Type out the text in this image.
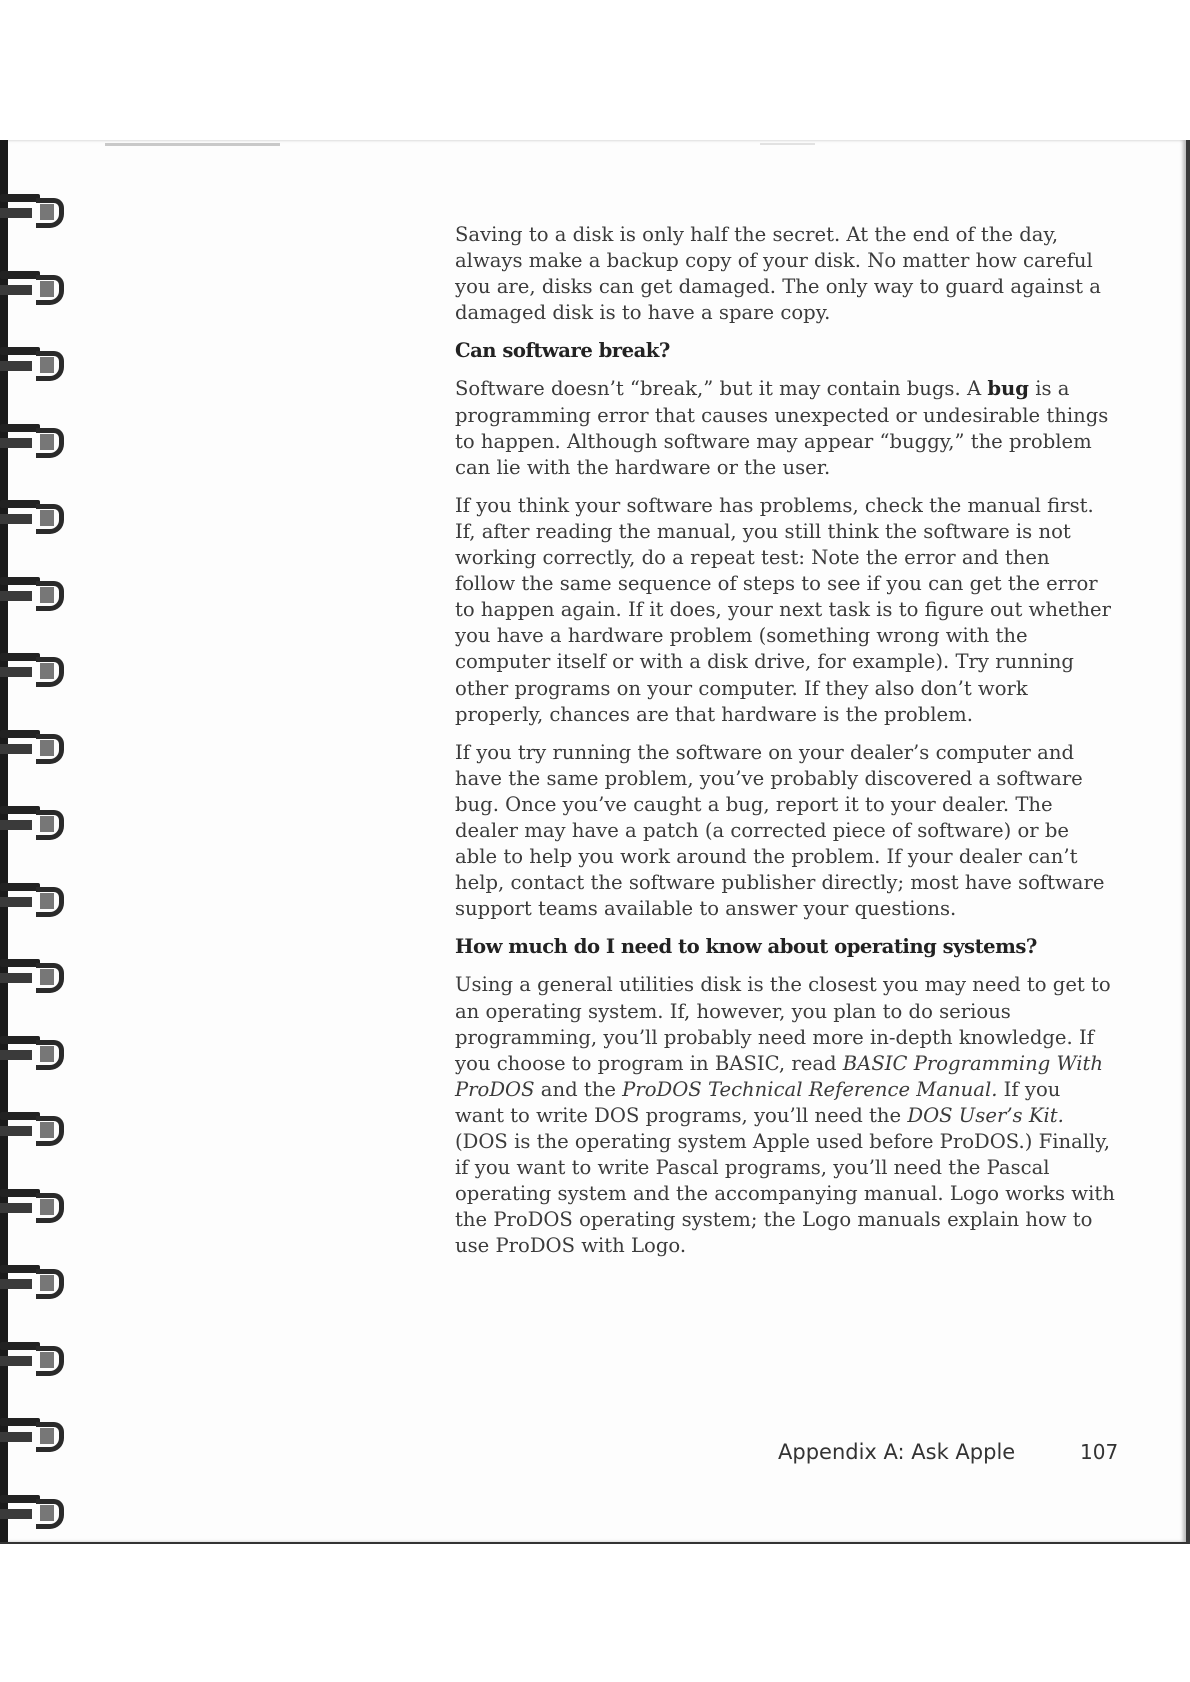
Saving to a disk is only half the secret. At the end of the day, always make a backup copy of your disk. No matter how careful you are, disks can get damaged. The only way to guard against a damaged disk is to have a spare copy.

Can software break?

Software doesn’t “break,” but it may contain bugs. A bug is a programming error that causes unexpected or undesirable things to happen. Although software may appear “buggy,” the problem can lie with the hardware or the user.

If you think your software has problems, check the manual first. If, after reading the manual, you still think the software is not working correctly, do a repeat test: Note the error and then follow the same sequence of steps to see if you can get the error to happen again. If it does, your next task is to figure out whether you have a hardware problem (something wrong with the computer itself or with a disk drive, for example). Try running other programs on your computer. If they also don’t work properly, chances are that hardware is the problem.

If you try running the software on your dealer’s computer and have the same problem, you’ve probably discovered a software bug. Once you’ve caught a bug, report it to your dealer. The dealer may have a patch (a corrected piece of software) or be able to help you work around the problem. If your dealer can’t help, contact the software publisher directly; most have software support teams available to answer your questions.

How much do I need to know about operating systems?

Using a general utilities disk is the closest you may need to get to an operating system. If, however, you plan to do serious programming, you’ll probably need more in-depth knowledge. If you choose to program in BASIC, read BASIC Programming With ProDOS and the ProDOS Technical Reference Manual. If you want to write DOS programs, you’ll need the DOS User’s Kit. (DOS is the operating system Apple used before ProDOS.) Finally, if you want to write Pascal programs, you’ll need the Pascal operating system and the accompanying manual. Logo works with the ProDOS operating system; the Logo manuals explain how to use ProDOS with Logo.

Appendix A: Ask Apple	107
